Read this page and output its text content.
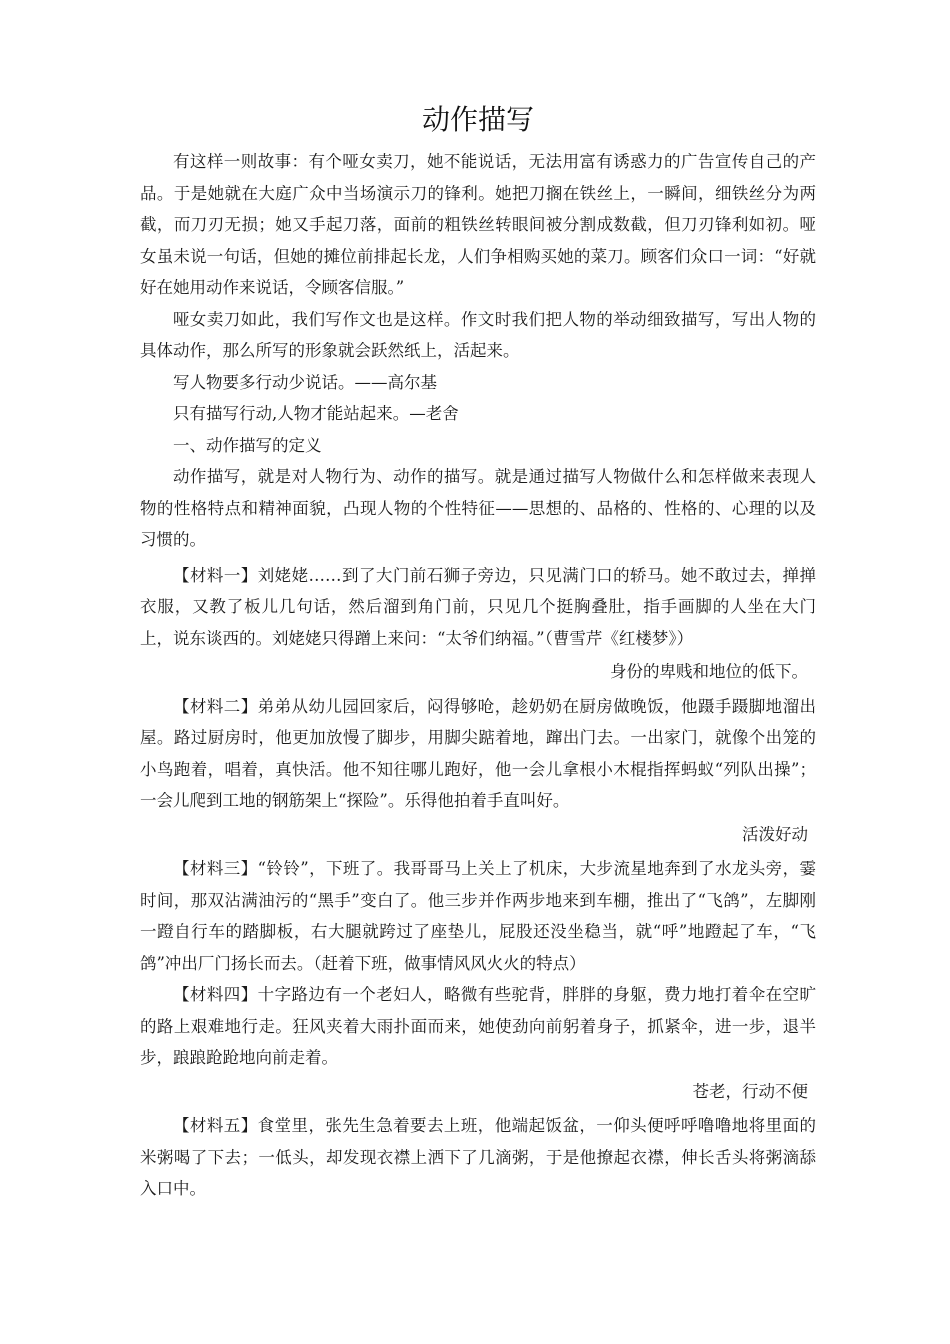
动作描写

有这样一则故事：有个哑女卖刀，她不能说话，无法用富有诱惑力的广告宣传自己的产品。于是她就在大庭广众中当场演示刀的锋利。她把刀搁在铁丝上，一瞬间，细铁丝分为两截，而刀刃无损；她又手起刀落，面前的粗铁丝转眼间被分割成数截，但刀刃锋利如初。哑女虽未说一句话，但她的摊位前排起长龙，人们争相购买她的菜刀。顾客们众口一词：“好就好在她用动作来说话，令顾客信服。”

哑女卖刀如此，我们写作文也是这样。作文时我们把人物的举动细致描写，写出人物的具体动作，那么所写的形象就会跃然纸上，活起来。

写人物要多行动少说话。——高尔基

只有描写行动,人物才能站起来。—老舍

一、动作描写的定义

动作描写，就是对人物行为、动作的描写。就是通过描写人物做什么和怎样做来表现人物的性格特点和精神面貌，凸现人物的个性特征——思想的、品格的、性格的、心理的以及习惯的。

【材料一】刘姥姥……到了大门前石狮子旁边，只见满门口的轿马。她不敢过去，掸掸衣服，又教了板儿几句话，然后溜到角门前，只见几个挺胸叠肚，指手画脚的人坐在大门上，说东谈西的。刘姥姥只得蹭上来问：“太爷们纳福。”（曹雪芹《红楼梦》）

身份的卑贱和地位的低下。

【材料二】弟弟从幼儿园回家后，闷得够呛，趁奶奶在厨房做晚饭，他蹑手蹑脚地溜出屋。路过厨房时，他更加放慢了脚步，用脚尖踮着地，蹿出门去。一出家门，就像个出笼的小鸟跑着，唱着，真快活。他不知往哪儿跑好，他一会儿拿根小木棍指挥蚂蚁“列队出操”；一会儿爬到工地的钢筋架上“探险”。乐得他拍着手直叫好。

活泼好动

【材料三】“铃铃”，下班了。我哥哥马上关上了机床，大步流星地奔到了水龙头旁，霎时间，那双沾满油污的“黑手”变白了。他三步并作两步地来到车棚，推出了“飞鸽”，左脚刚一蹬自行车的踏脚板，右大腿就跨过了座垫儿，屁股还没坐稳当，就“呼”地蹬起了车，“飞鸽”冲出厂门扬长而去。（赶着下班，做事情风风火火的特点）

【材料四】十字路边有一个老妇人，略微有些驼背，胖胖的身躯，费力地打着伞在空旷的路上艰难地行走。狂风夹着大雨扑面而来，她使劲向前躬着身子，抓紧伞，进一步，退半步，踉踉跄跄地向前走着。

苍老，行动不便

【材料五】食堂里，张先生急着要去上班，他端起饭盆，一仰头便呼呼噜噜地将里面的米粥喝了下去；一低头，却发现衣襟上洒下了几滴粥，于是他撩起衣襟，伸长舌头将粥滴舔入口中。
